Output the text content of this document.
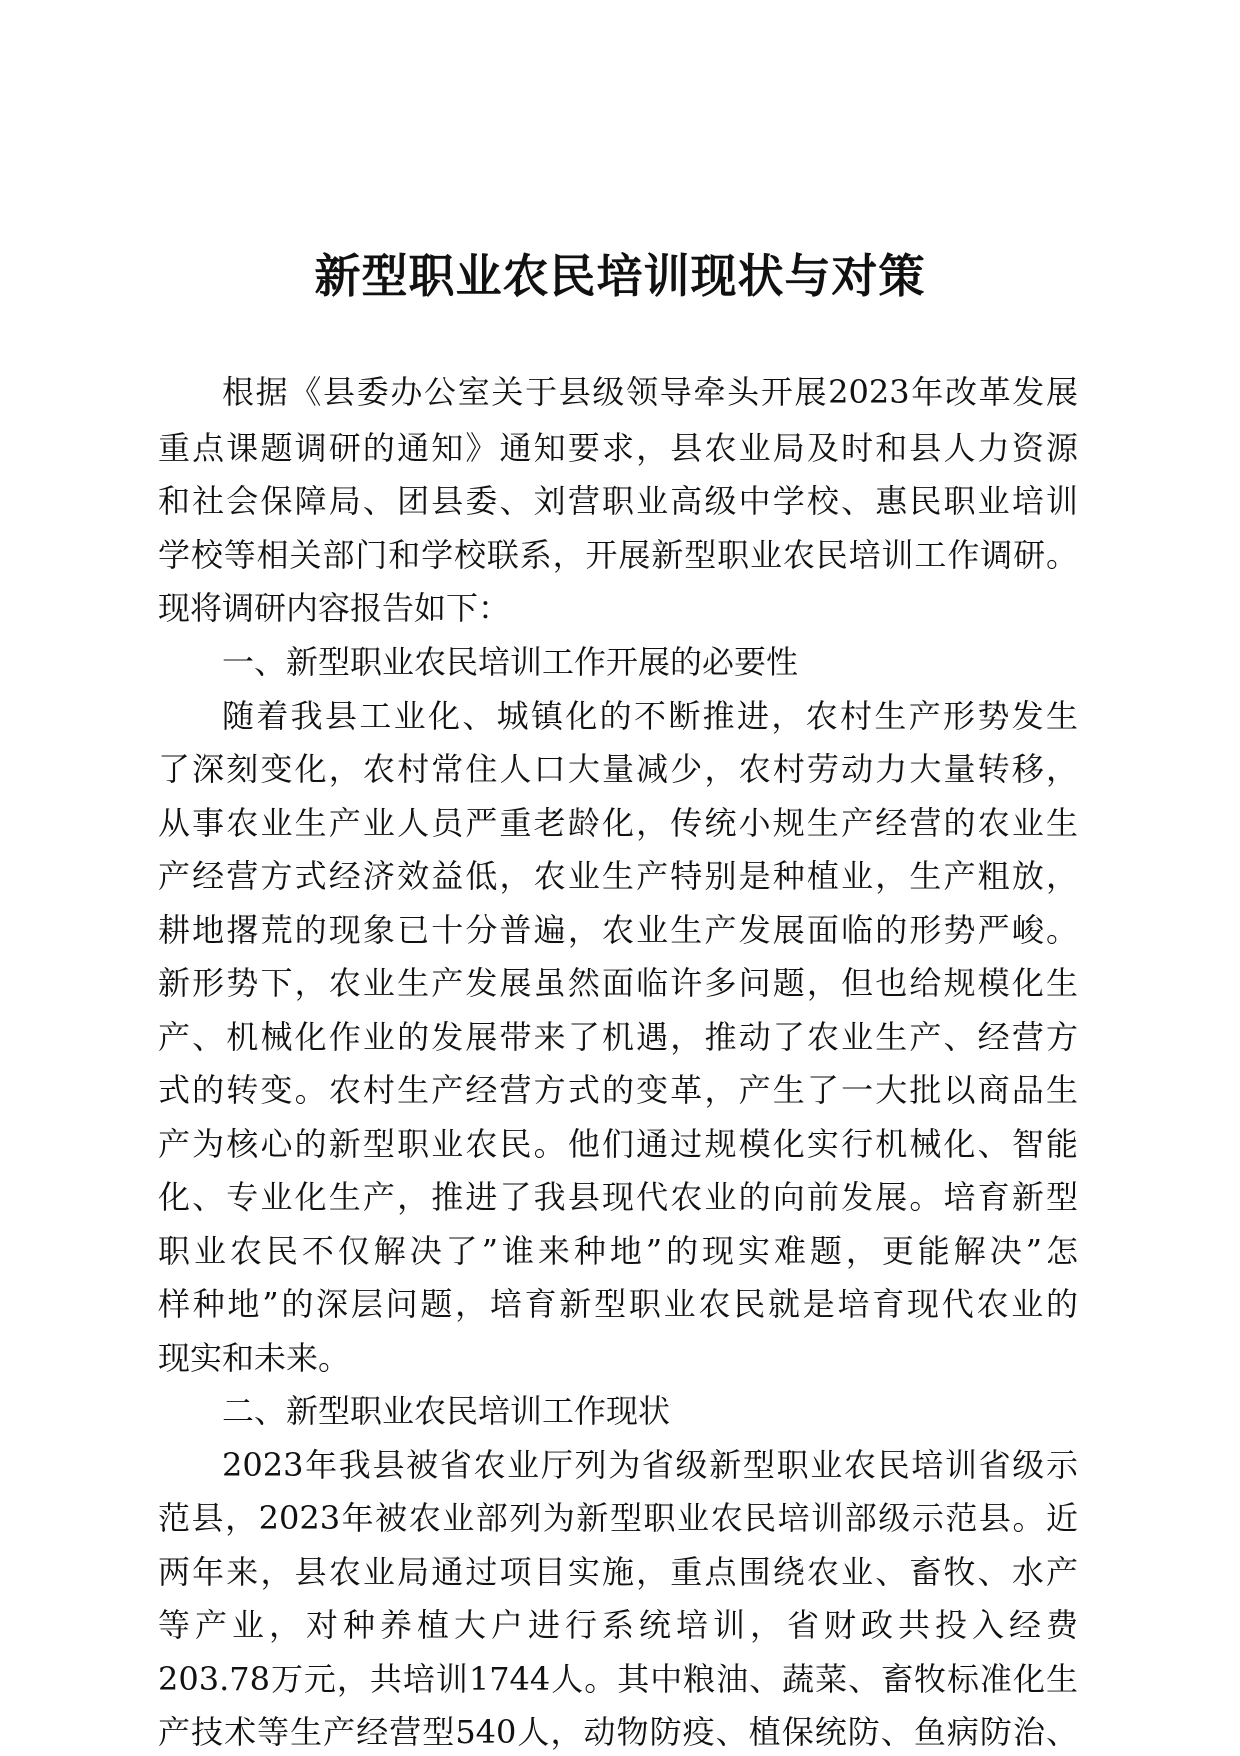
新型职业农民培训现状与对策

根据《县委办公室关于县级领导牵头开展2023年改革发展

重点课题调研的通知》通知要求，县农业局及时和县人力资源

和社会保障局、团县委、刘营职业高级中学校、惠民职业培训

学校等相关部门和学校联系，开展新型职业农民培训工作调研。

现将调研内容报告如下：

一、新型职业农民培训工作开展的必要性

随着我县工业化、城镇化的不断推进，农村生产形势发生

了深刻变化，农村常住人口大量减少，农村劳动力大量转移，

从事农业生产业人员严重老龄化，传统小规生产经营的农业生

产经营方式经济效益低，农业生产特别是种植业，生产粗放，

耕地撂荒的现象已十分普遍，农业生产发展面临的形势严峻。

新形势下，农业生产发展虽然面临许多问题，但也给规模化生

产、机械化作业的发展带来了机遇，推动了农业生产、经营方

式的转变。农村生产经营方式的变革，产生了一大批以商品生

产为核心的新型职业农民。他们通过规模化实行机械化、智能

化、专业化生产，推进了我县现代农业的向前发展。培育新型

职业农民不仅解决了”谁来种地”的现实难题，更能解决”怎

样种地”的深层问题，培育新型职业农民就是培育现代农业的

现实和未来。

二、新型职业农民培训工作现状

2023年我县被省农业厅列为省级新型职业农民培训省级示

范县，2023年被农业部列为新型职业农民培训部级示范县。近

两年来，县农业局通过项目实施，重点围绕农业、畜牧、水产

等产业，对种养植大户进行系统培训，省财政共投入经费

203.78万元，共培训1744人。其中粮油、蔬菜、畜牧标准化生

产技术等生产经营型540人，动物防疫、植保统防、鱼病防治、
